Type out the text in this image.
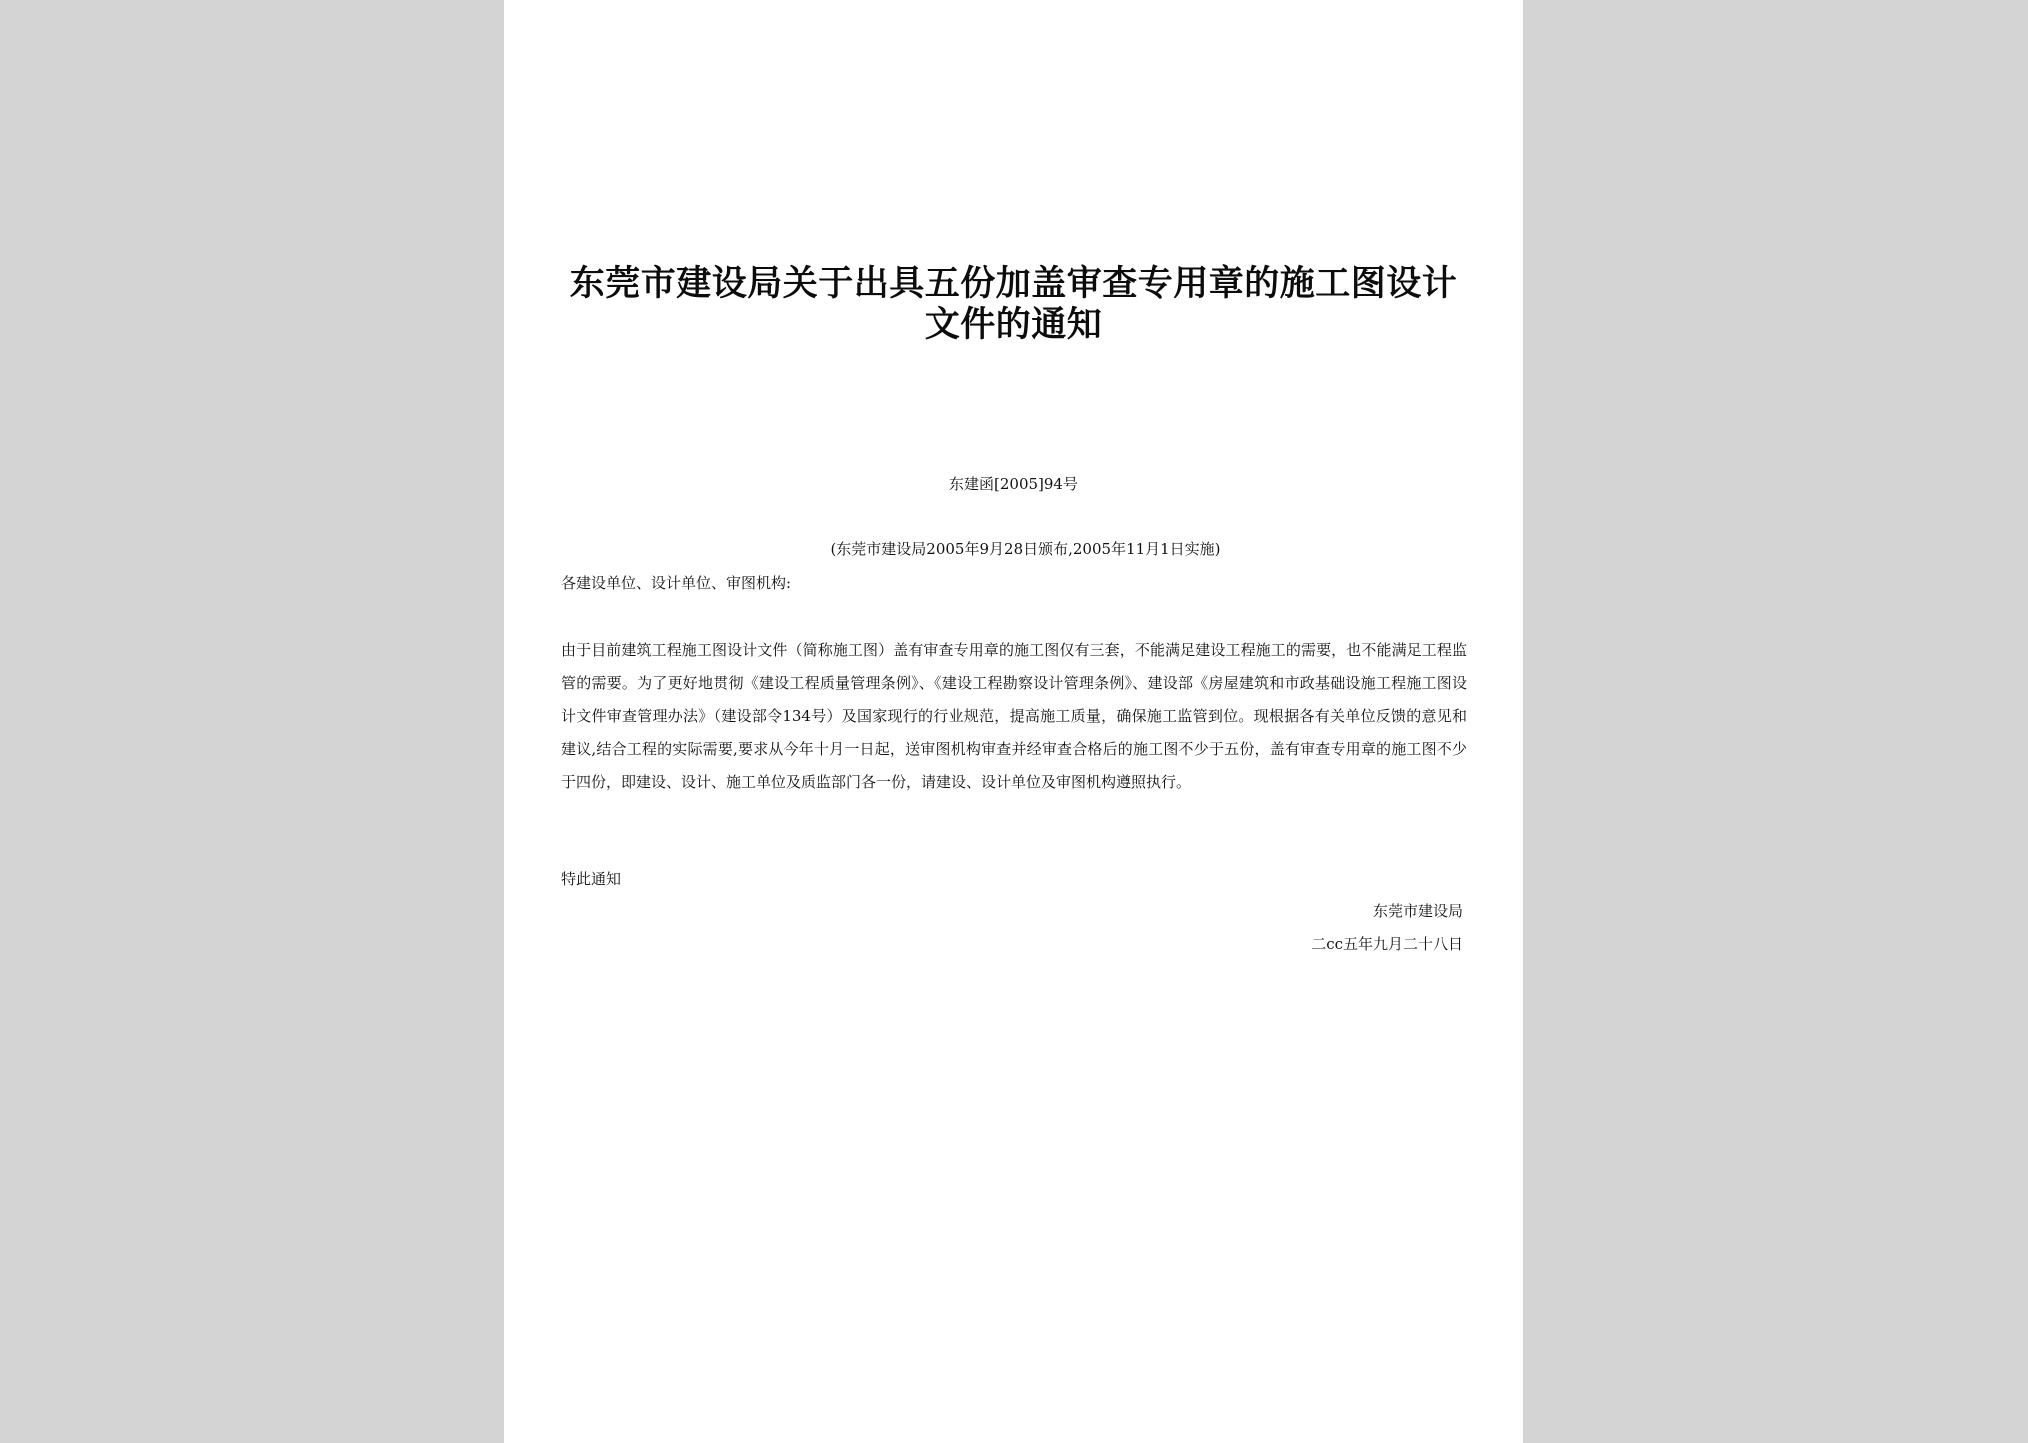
东莞市建设局关于出具五份加盖审查专用章的施工图设计文件的通知
东建函[2005]94号
(东莞市建设局2005年9月28日颁布,2005年11月1日实施)
各建设单位、设计单位、审图机构:

由于目前建筑工程施工图设计文件（简称施工图）盖有审查专用章的施工图仅有三套，不能满足建设工程施工的需要，也不能满足工程监管的需要。为了更好地贯彻《建设工程质量管理条例》、《建设工程勘察设计管理条例》、建设部《房屋建筑和市政基础设施工程施工图设计文件审查管理办法》（建设部令134号）及国家现行的行业规范，提高施工质量，确保施工监管到位。现根据各有关单位反馈的意见和建议,结合工程的实际需要,要求从今年十月一日起，送审图机构审查并经审查合格后的施工图不少于五份，盖有审查专用章的施工图不少于四份，即建设、设计、施工单位及质监部门各一份，请建设、设计单位及审图机构遵照执行。

特此通知
东莞市建设局
二cc五年九月二十八日
